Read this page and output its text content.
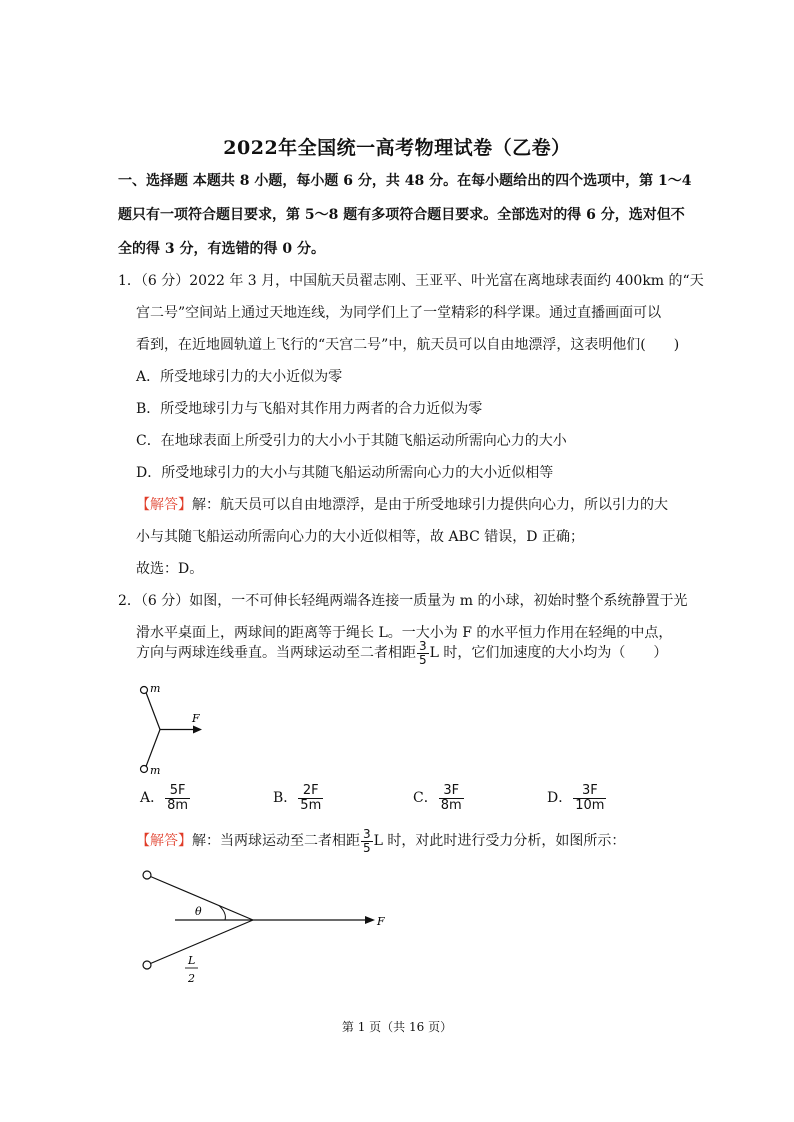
2022年全国统一高考物理试卷（乙卷）
一、选择题 本题共 8 小题，每小题 6 分，共 48 分。在每小题给出的四个选项中，第 1～4
题只有一项符合题目要求，第 5～8 题有多项符合题目要求。全部选对的得 6 分，选对但不
全的得 3 分，有选错的得 0 分。
1．（6 分）2022 年 3 月，中国航天员翟志刚、王亚平、叶光富在离地球表面约 400km 的“天
宫二号”空间站上通过天地连线，为同学们上了一堂精彩的科学课。通过直播画面可以
看到，在近地圆轨道上飞行的“天宫二号”中，航天员可以自由地漂浮，这表明他们(　　)
A．所受地球引力的大小近似为零
B．所受地球引力与飞船对其作用力两者的合力近似为零
C．在地球表面上所受引力的大小小于其随飞船运动所需向心力的大小
D．所受地球引力的大小与其随飞船运动所需向心力的大小近似相等
【解答】解：航天员可以自由地漂浮，是由于所受地球引力提供向心力，所以引力的大
小与其随飞船运动所需向心力的大小近似相等，故 ABC 错误，D 正确；
故选：D。
2．（6 分）如图，一不可伸长轻绳两端各连接一质量为 m 的小球，初始时整个系统静置于光
滑水平桌面上，两球间的距离等于绳长 L。一大小为 F 的水平恒力作用在轻绳的中点，
方向与两球连线垂直。当两球运动至二者相距 $\frac{3}{5}$ L 时，它们加速度的大小均为（　　）
m
m
F
A． $\frac{5F}{8m}$	B． $\frac{2F}{5m}$	C． $\frac{3F}{8m}$	D． $\frac{3F}{10m}$
【解答】解：当两球运动至二者相距 $\frac{3}{5}$ L 时，对此时进行受力分析，如图所示：
θ
F
L
2
第 1 页（共 16 页）
